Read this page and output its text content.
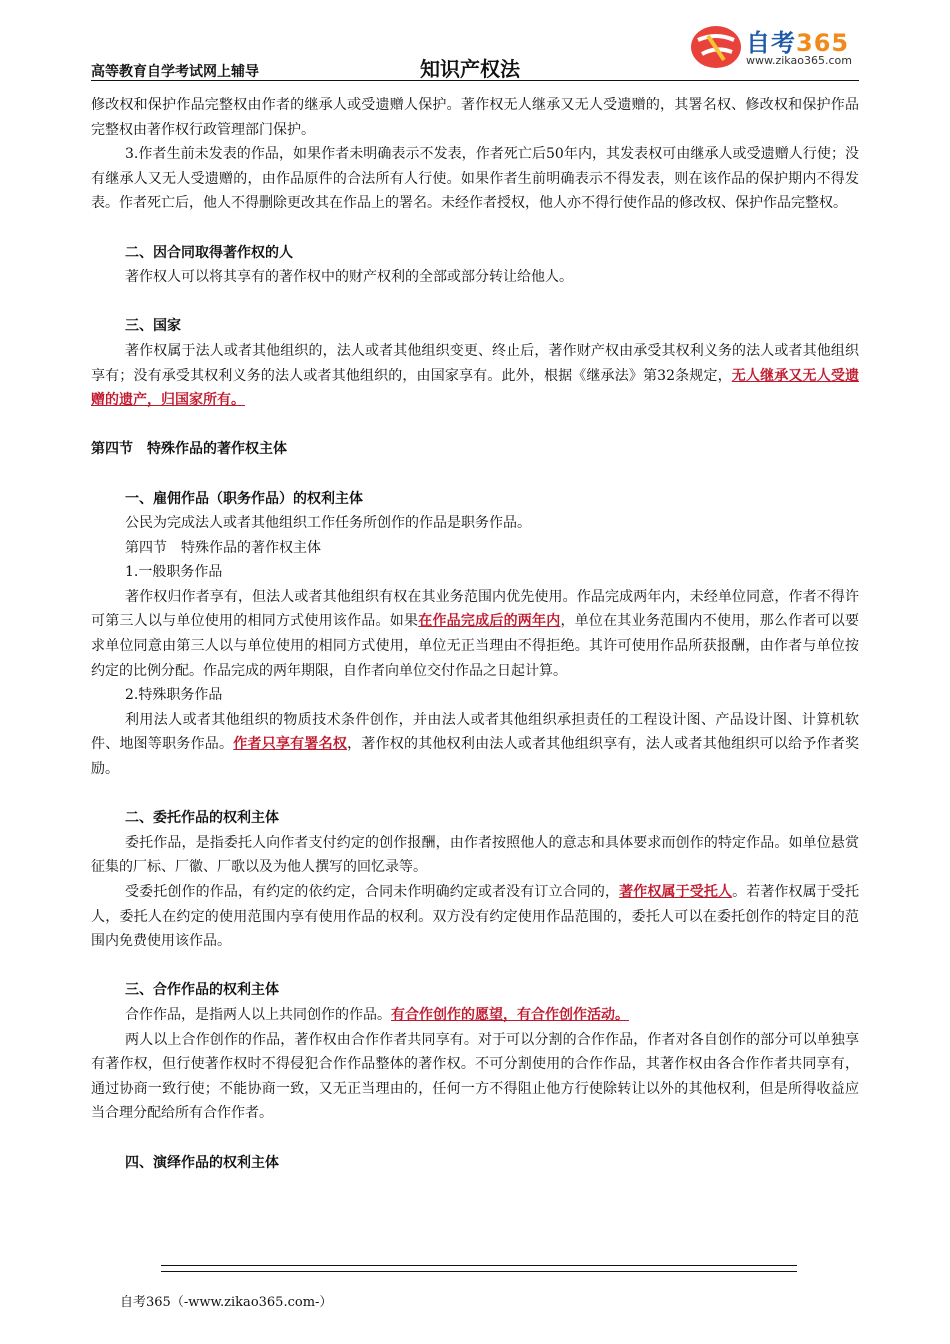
高等教育自学考试网上辅导	知识产权法
自考365
www.zikao365.com

修改权和保护作品完整权由作者的继承人或受遗赠人保护。著作权无人继承又无人受遗赠的，其署名权、修改权和保护作品完整权由著作权行政管理部门保护。

3.作者生前未发表的作品，如果作者未明确表示不发表，作者死亡后50年内，其发表权可由继承人或受遗赠人行使；没有继承人又无人受遗赠的，由作品原件的合法所有人行使。如果作者生前明确表示不得发表，则在该作品的保护期内不得发表。作者死亡后，他人不得删除更改其在作品上的署名。未经作者授权，他人亦不得行使作品的修改权、保护作品完整权。

二、因合同取得著作权的人

著作权人可以将其享有的著作权中的财产权利的全部或部分转让给他人。

三、国家

著作权属于法人或者其他组织的，法人或者其他组织变更、终止后，著作财产权由承受其权利义务的法人或者其他组织享有；没有承受其权利义务的法人或者其他组织的，由国家享有。此外，根据《继承法》第32条规定，无人继承又无人受遗赠的遗产，归国家所有。

第四节　特殊作品的著作权主体

一、雇佣作品（职务作品）的权利主体

公民为完成法人或者其他组织工作任务所创作的作品是职务作品。

第四节　特殊作品的著作权主体

1.一般职务作品

著作权归作者享有，但法人或者其他组织有权在其业务范围内优先使用。作品完成两年内，未经单位同意，作者不得许可第三人以与单位使用的相同方式使用该作品。如果在作品完成后的两年内，单位在其业务范围内不使用，那么作者可以要求单位同意由第三人以与单位使用的相同方式使用，单位无正当理由不得拒绝。其许可使用作品所获报酬，由作者与单位按约定的比例分配。作品完成的两年期限，自作者向单位交付作品之日起计算。

2.特殊职务作品

利用法人或者其他组织的物质技术条件创作，并由法人或者其他组织承担责任的工程设计图、产品设计图、计算机软件、地图等职务作品。作者只享有署名权，著作权的其他权利由法人或者其他组织享有，法人或者其他组织可以给予作者奖励。

二、委托作品的权利主体

委托作品，是指委托人向作者支付约定的创作报酬，由作者按照他人的意志和具体要求而创作的特定作品。如单位悬赏征集的厂标、厂徽、厂歌以及为他人撰写的回忆录等。

受委托创作的作品，有约定的依约定，合同未作明确约定或者没有订立合同的，著作权属于受托人。若著作权属于受托人，委托人在约定的使用范围内享有使用作品的权利。双方没有约定使用作品范围的，委托人可以在委托创作的特定目的范围内免费使用该作品。

三、合作作品的权利主体

合作作品，是指两人以上共同创作的作品。有合作创作的愿望，有合作创作活动。

两人以上合作创作的作品，著作权由合作作者共同享有。对于可以分割的合作作品，作者对各自创作的部分可以单独享有著作权，但行使著作权时不得侵犯合作作品整体的著作权。不可分割使用的合作作品，其著作权由各合作作者共同享有，通过协商一致行使；不能协商一致，又无正当理由的，任何一方不得阻止他方行使除转让以外的其他权利，但是所得收益应当合理分配给所有合作作者。

四、演绎作品的权利主体

自考365（-www.zikao365.com-）
